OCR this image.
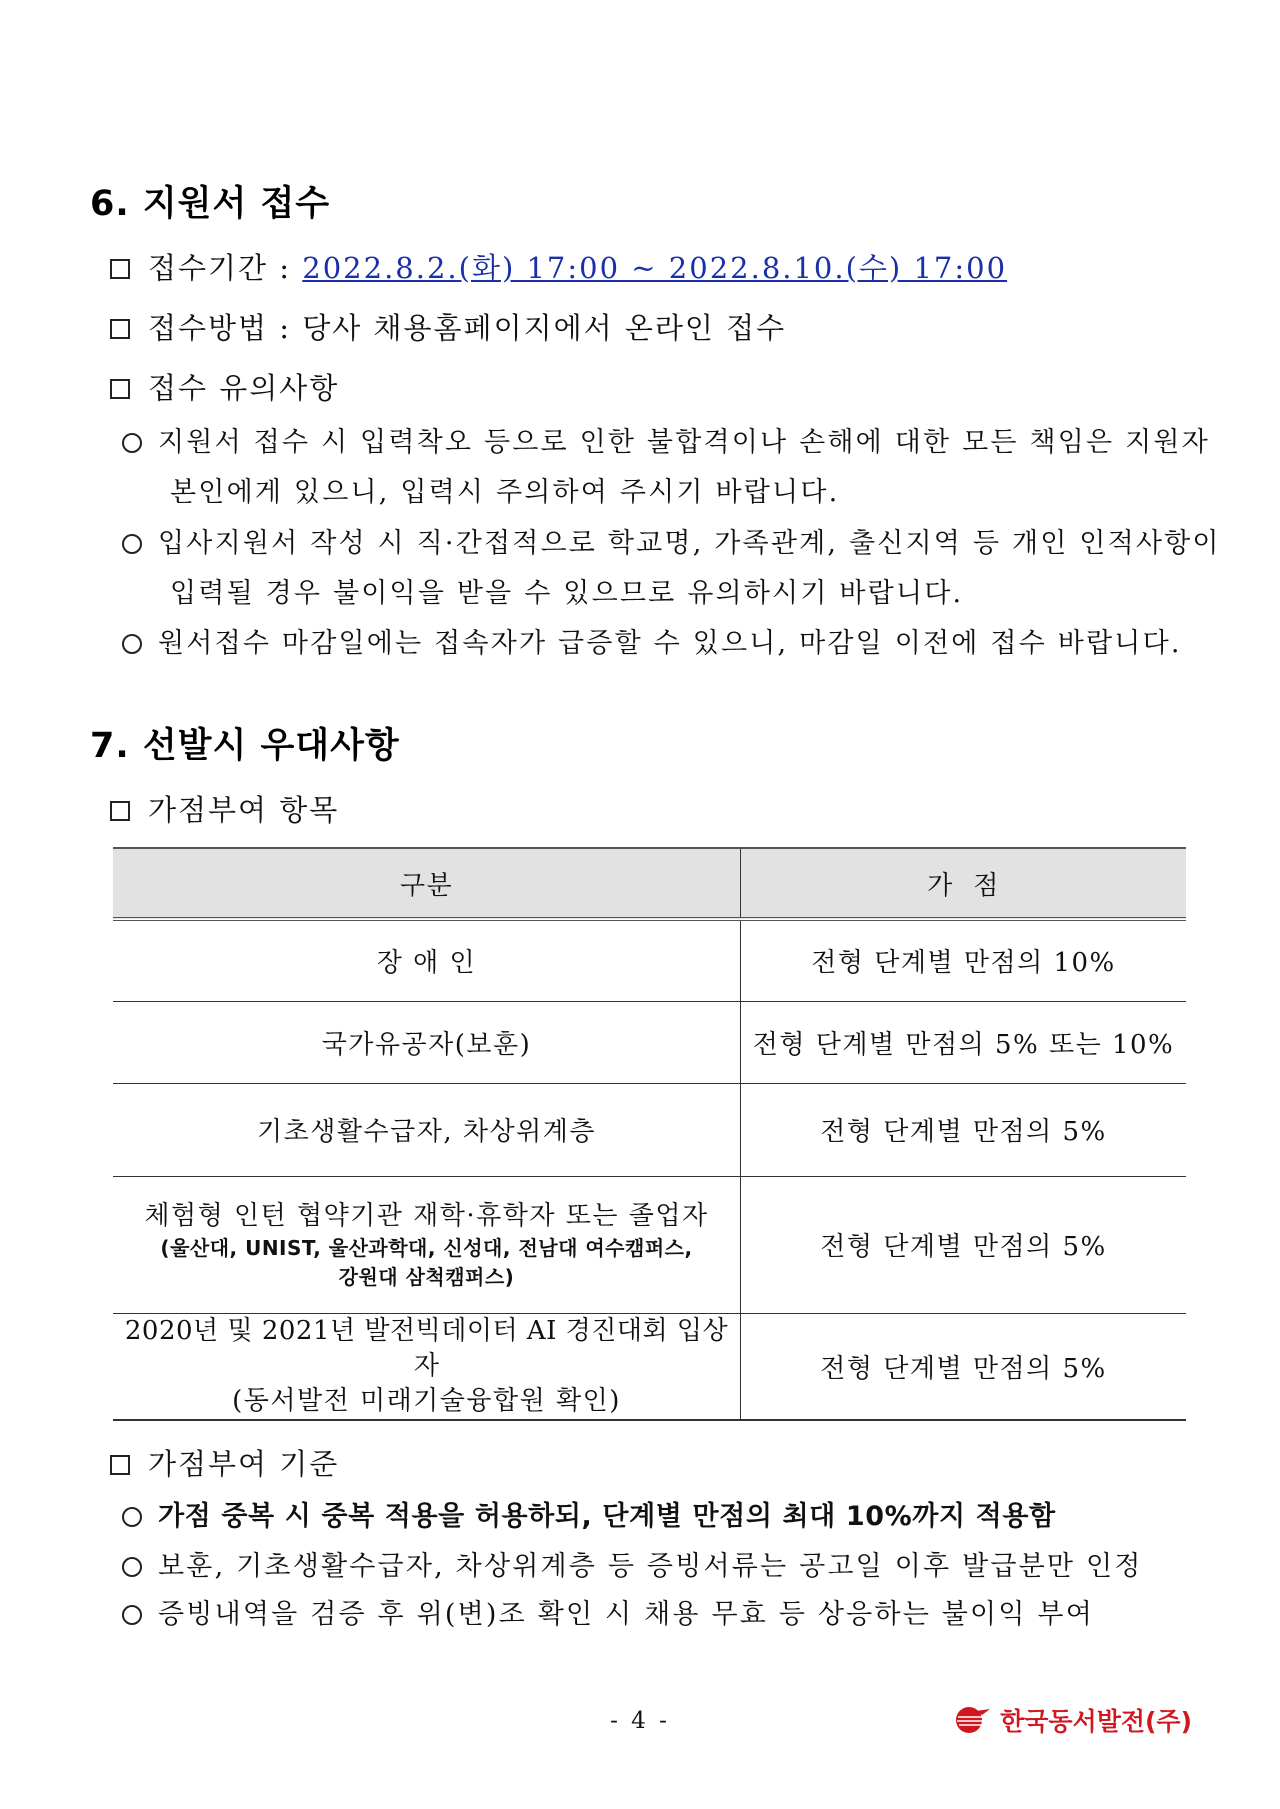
6. 지원서 접수
접수기간 : 2022.8.2.(화) 17:00 ~ 2022.8.10.(수) 17:00
접수방법 : 당사 채용홈페이지에서 온라인 접수
접수 유의사항
지원서 접수 시 입력착오 등으로 인한 불합격이나 손해에 대한 모든 책임은 지원자
본인에게 있으니, 입력시 주의하여 주시기 바랍니다.
입사지원서 작성 시 직·간접적으로 학교명, 가족관계, 출신지역 등 개인 인적사항이
입력될 경우 불이익을 받을 수 있으므로 유의하시기 바랍니다.
원서접수 마감일에는 접속자가 급증할 수 있으니, 마감일 이전에 접수 바랍니다.
7. 선발시 우대사항
가점부여 항목
구분	가  점
장 애 인	전형 단계별 만점의 10%
국가유공자(보훈)	전형 단계별 만점의 5% 또는 10%
기초생활수급자, 차상위계층	전형 단계별 만점의 5%

체험형 인턴 협약기관 재학·휴학자 또는 졸업자
(울산대, UNIST, 울산과학대, 신성대, 전남대 여수캠퍼스,
강원대 삼척캠퍼스)	전형 단계별 만점의 5%

2020년 및 2021년 발전빅데이터 AI 경진대회 입상자
(동서발전 미래기술융합원 확인)	전형 단계별 만점의 5%
가점부여 기준
가점 중복 시 중복 적용을 허용하되, 단계별 만점의 최대 10%까지 적용함
보훈, 기초생활수급자, 차상위계층 등 증빙서류는 공고일 이후 발급분만 인정
증빙내역을 검증 후 위(변)조 확인 시 채용 무효 등 상응하는 불이익 부여
- 4 -	한국동서발전(주)
